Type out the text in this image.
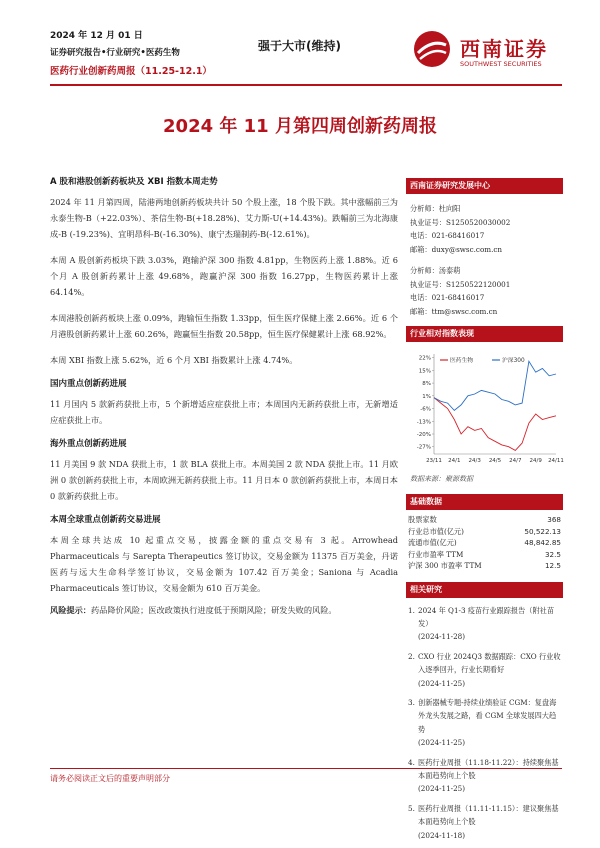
2024 年 12 月 01 日
证券研究报告•行业研究•医药生物
医药行业创新药周报（11.25-12.1）
强于大市(维持)	西南证券
SOUTHWEST SECURITIES
2024 年 11 月第四周创新药周报
A 股和港股创新药板块及 XBI 指数本周走势

2024 年 11 月第四周，陆港两地创新药板块共计 50 个股上涨，18 个股下跌。其中涨幅前三为永泰生物-B（+22.03%）、茶信生物-B(+18.28%)、艾力斯-U(+14.43%)。跌幅前三为北海康成-B (-19.23%)、宜明昂科-B(-16.30%)、康宁杰瑞制药-B(-12.61%)。

本周 A 股创新药板块下跌 3.03%，跑输沪深 300 指数 4.81pp，生物医药上涨 1.88%。近 6 个月 A 股创新药累计上涨 49.68%，跑赢沪深 300 指数 16.27pp，生物医药累计上涨 64.14%。

本周港股创新药板块上涨 0.09%，跑输恒生指数 1.33pp，恒生医疗保健上涨 2.66%。近 6 个月港股创新药累计上涨 60.26%，跑赢恒生指数 20.58pp，恒生医疗保健累计上涨 68.92%。

本周 XBI 指数上涨 5.62%，近 6 个月 XBI 指数累计上涨 4.74%。

国内重点创新药进展

11 月国内 5 款新药获批上市，5 个新增适应症获批上市；本周国内无新药获批上市，无新增适应症获批上市。

海外重点创新药进展

11 月美国 9 款 NDA 获批上市，1 款 BLA 获批上市。本周美国 2 款 NDA 获批上市。11 月欧洲 0 款创新药获批上市，本周欧洲无新药获批上市。11 月日本 0 款创新药获批上市，本周日本 0 款新药获批上市。

本周全球重点创新药交易进展

本周全球共达成 10 起重点交易，披露金额的重点交易有 3 起。Arrowhead Pharmaceuticals 与 Sarepta Therapeutics 签订协议，交易金额为 11375 百万美金，丹诺医药与远大生命科学签订协议，交易金额为 107.42 百万美金；Saniona 与 Acadia Pharmaceuticals 签订协议，交易金额为 610 百万美金。

风险提示：药品降价风险；医改政策执行进度低于预期风险；研发失败的风险。

西南证券研究发展中心
分析师：杜向阳
执业证号：S1250520030002
电话：021-68416017
邮箱：duxy@swsc.com.cn
分析师：汤泰萌
执业证号：S1250522120001
电话：021-68416017
邮箱：ttm@swsc.com.cn
行业相对指数表现
22%
15%
8%
1%
-6%
-13%
-20%
-27%
23/11 24/1 24/3 24/5 24/7 24/9 24/11
医药生物	沪深300
数据来源：聚源数据
基础数据
股票家数	368
行业总市值(亿元)	50,522.13
流通市值(亿元)	48,842.85
行业市盈率 TTM	32.5
沪深 300 市盈率 TTM	12.5
相关研究
1. 2024 年 Q1-3 疫苗行业跟踪报告（附社苗发）
(2024-11-28)
2. CXO 行业 2024Q3 数据跟踪：CXO 行业收入逐季回升，行业长期看好
(2024-11-25)
3. 创新器械专题-持续业绩验证 CGM：复盘海外龙头发展之路，看 CGM 全球发展四大趋势
(2024-11-25)
4. 医药行业周报（11.18-11.22）：持续聚焦基本面趋势向上个股
(2024-11-25)
5. 医药行业周报（11.11-11.15）：建议聚焦基本面趋势向上个股
(2024-11-18)
请务必阅读正文后的重要声明部分
